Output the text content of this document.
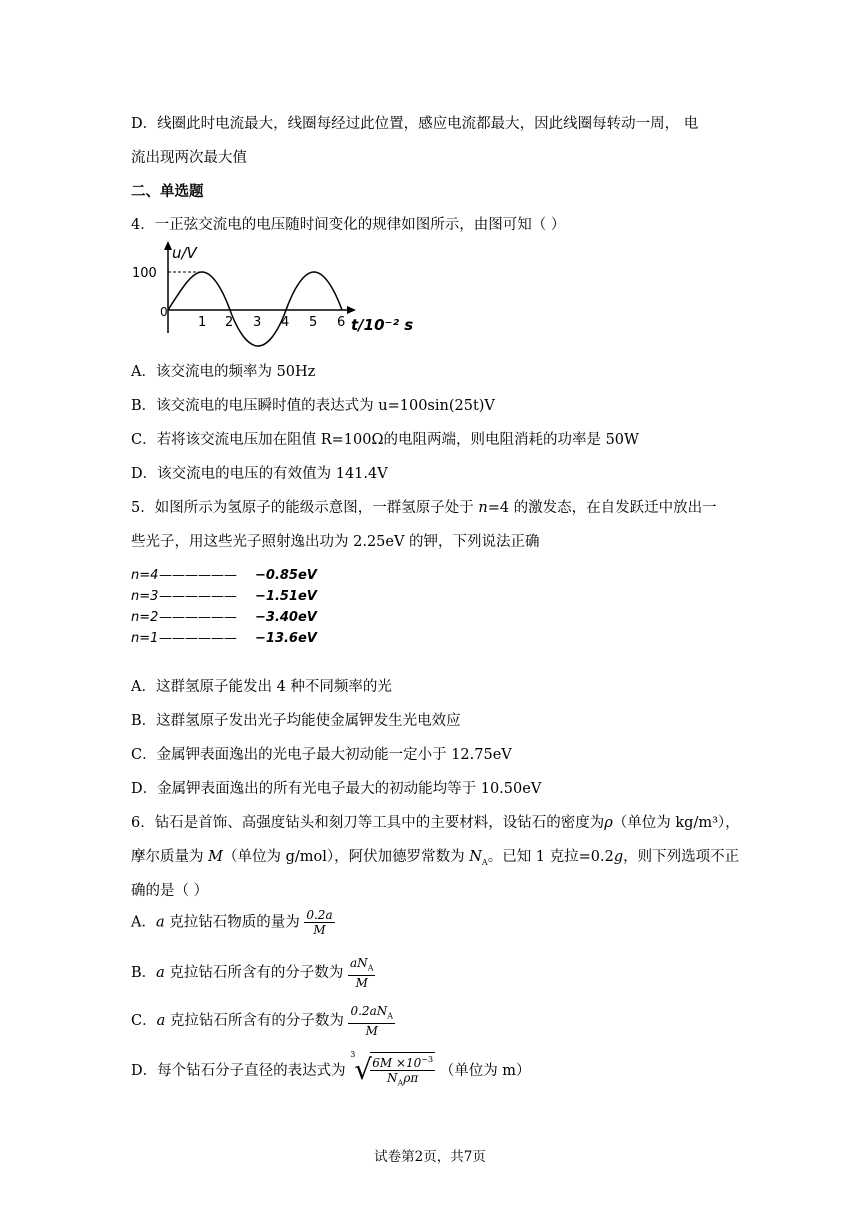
D．线圈此时电流最大，线圈每经过此位置，感应电流都最大，因此线圈每转动一周， 电
流出现两次最大值
二、单选题
4．一正弦交流电的电压随时间变化的规律如图所示，由图可知（ ）
u/V
100
0
1 2 3 4 5 6 t/10⁻² s
A．该交流电的频率为 50Hz
B．该交流电的电压瞬时值的表达式为 u=100sin(25t)V
C．若将该交流电压加在阻值 R=100Ω的电阻两端，则电阻消耗的功率是 50W
D．该交流电的电压的有效值为 141.4V
5．如图所示为氢原子的能级示意图，一群氢原子处于 n=4 的激发态，在自发跃迁中放出一
些光子，用这些光子照射逸出功为 2.25eV 的钾，下列说法正确
n=4—————— −0.85eV
n=3—————— −1.51eV
n=2—————— −3.40eV
n=1—————— −13.6eV
A．这群氢原子能发出 4 种不同频率的光
B．这群氢原子发出光子均能使金属钾发生光电效应
C．金属钾表面逸出的光电子最大初动能一定小于 12.75eV
D．金属钾表面逸出的所有光电子最大的初动能均等于 10.50eV
6．钻石是首饰、高强度钻头和刻刀等工具中的主要材料，设钻石的密度为ρ（单位为 kg/m³），
摩尔质量为 M（单位为 g/mol），阿伏加德罗常数为 $N_A$。已知 1 克拉=0.2g，则下列选项不正
确的是（ ）
A．a 克拉钻石物质的量为 $\frac{0.2a}{M}$
B．a 克拉钻石所含有的分子数为 $\frac{aN_A}{M}$
C．a 克拉钻石所含有的分子数为 $\frac{0.2aN_A}{M}$
D．每个钻石分子直径的表达式为
3
√
$\frac{6M \times 10^{-3}}{N_A\rho\pi}$ （单位为 m）
试卷第2页，共7页
